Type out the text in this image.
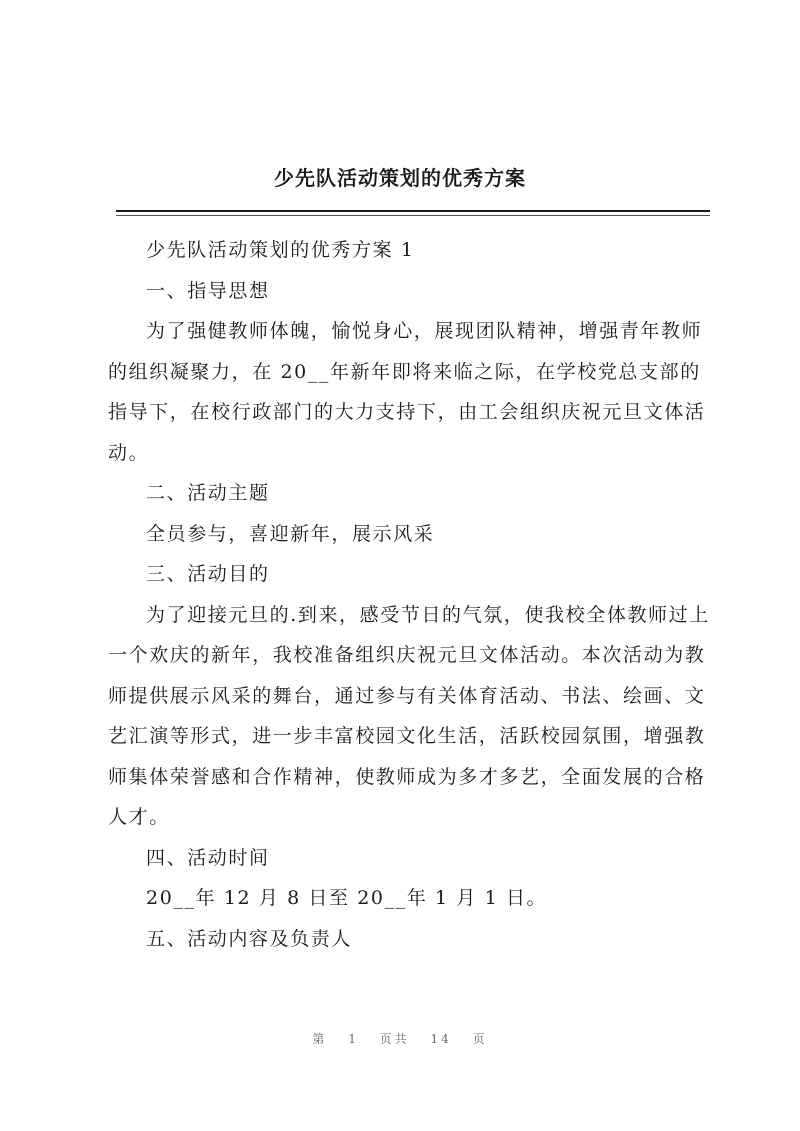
少先队活动策划的优秀方案

少先队活动策划的优秀方案 1

一、指导思想

为了强健教师体魄，愉悦身心，展现团队精神，增强青年教师的组织凝聚力，在 20__年新年即将来临之际，在学校党总支部的指导下，在校行政部门的大力支持下，由工会组织庆祝元旦文体活动。

二、活动主题

全员参与，喜迎新年，展示风采

三、活动目的

为了迎接元旦的.到来，感受节日的气氛，使我校全体教师过上一个欢庆的新年，我校准备组织庆祝元旦文体活动。本次活动为教师提供展示风采的舞台，通过参与有关体育活动、书法、绘画、文艺汇演等形式，进一步丰富校园文化生活，活跃校园氛围，增强教师集体荣誉感和合作精神，使教师成为多才多艺，全面发展的合格人才。

四、活动时间

20__年 12 月 8 日至 20__年 1 月 1 日。

五、活动内容及负责人

第 1 页共 14 页
